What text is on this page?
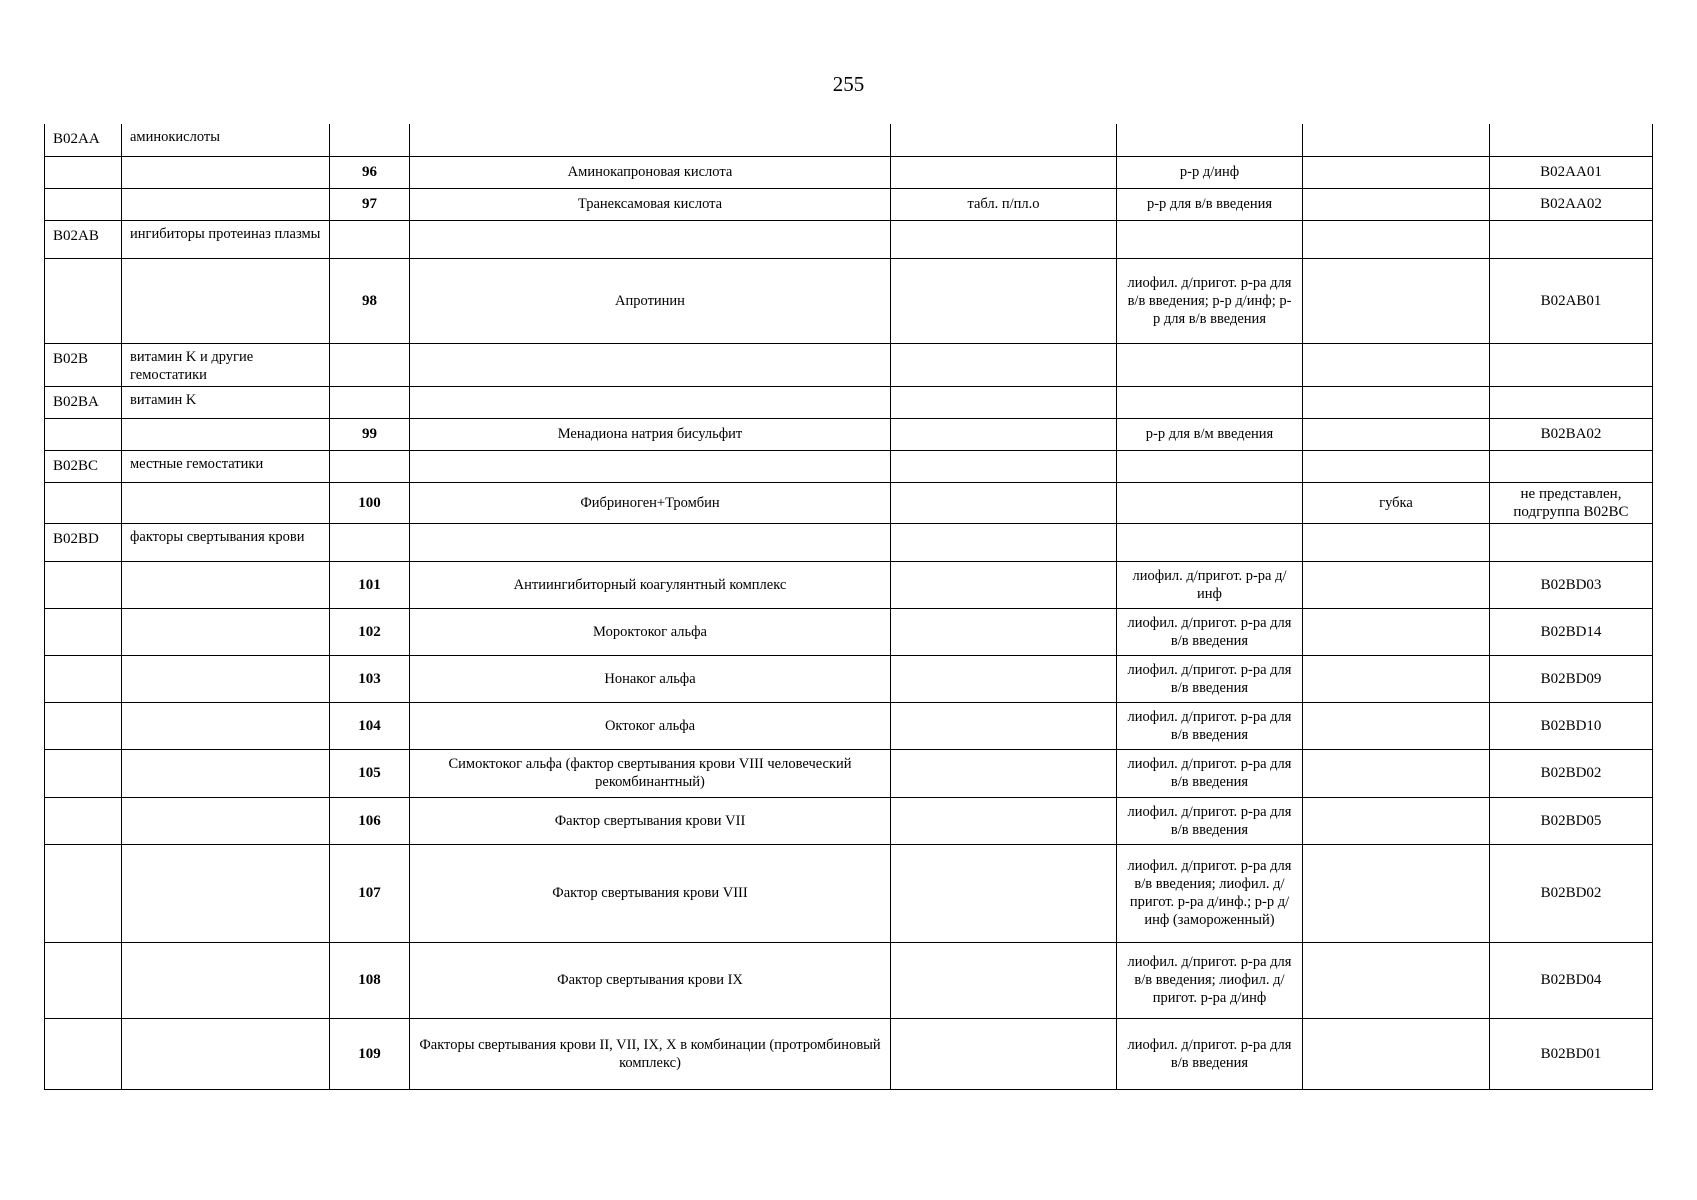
255
B02AA	аминокислоты						
		96	Аминокапроновая кислота		р-р д/инф		B02AA01
		97	Транексамовая кислота	табл. п/пл.о	р-р для в/в введения		B02AA02
B02AB	ингибиторы протеиназ плазмы						
		98	Апротинин		лиофил. д/пригот. р-ра для в/в введения; р-р д/инф; р-р для в/в введения		B02AB01
B02B	витамин K и другие гемостатики						
B02BA	витамин K						
		99	Менадиона натрия бисульфит		р-р для в/м введения		B02BA02
B02BC	местные гемостатики						
		100	Фибриноген+Тромбин			губка	не представлен, подгруппа B02BC
B02BD	факторы свертывания крови						
		101	Антиингибиторный коагулянтный комплекс		лиофил. д/пригот. р-ра д/инф		B02BD03
		102	Мороктоког альфа		лиофил. д/пригот. р-ра для в/в введения		B02BD14
		103	Нонаког альфа		лиофил. д/пригот. р-ра для в/в введения		B02BD09
		104	Октоког альфа		лиофил. д/пригот. р-ра для в/в введения		B02BD10
		105	Симоктоког альфа (фактор свертывания крови VIII человеческий рекомбинантный)		лиофил. д/пригот. р-ра для в/в введения		B02BD02
		106	Фактор свертывания крови VII		лиофил. д/пригот. р-ра для в/в введения		B02BD05
		107	Фактор свертывания крови VIII		лиофил. д/пригот. р-ра для в/в введения; лиофил. д/пригот. р-ра д/инф.; р-р д/инф (замороженный)		B02BD02
		108	Фактор свертывания крови IX		лиофил. д/пригот. р-ра для в/в введения; лиофил. д/пригот. р-ра д/инф		B02BD04
		109	Факторы свертывания крови II, VII, IX, X в комбинации (протромбиновый комплекс)		лиофил. д/пригот. р-ра для в/в введения		B02BD01
